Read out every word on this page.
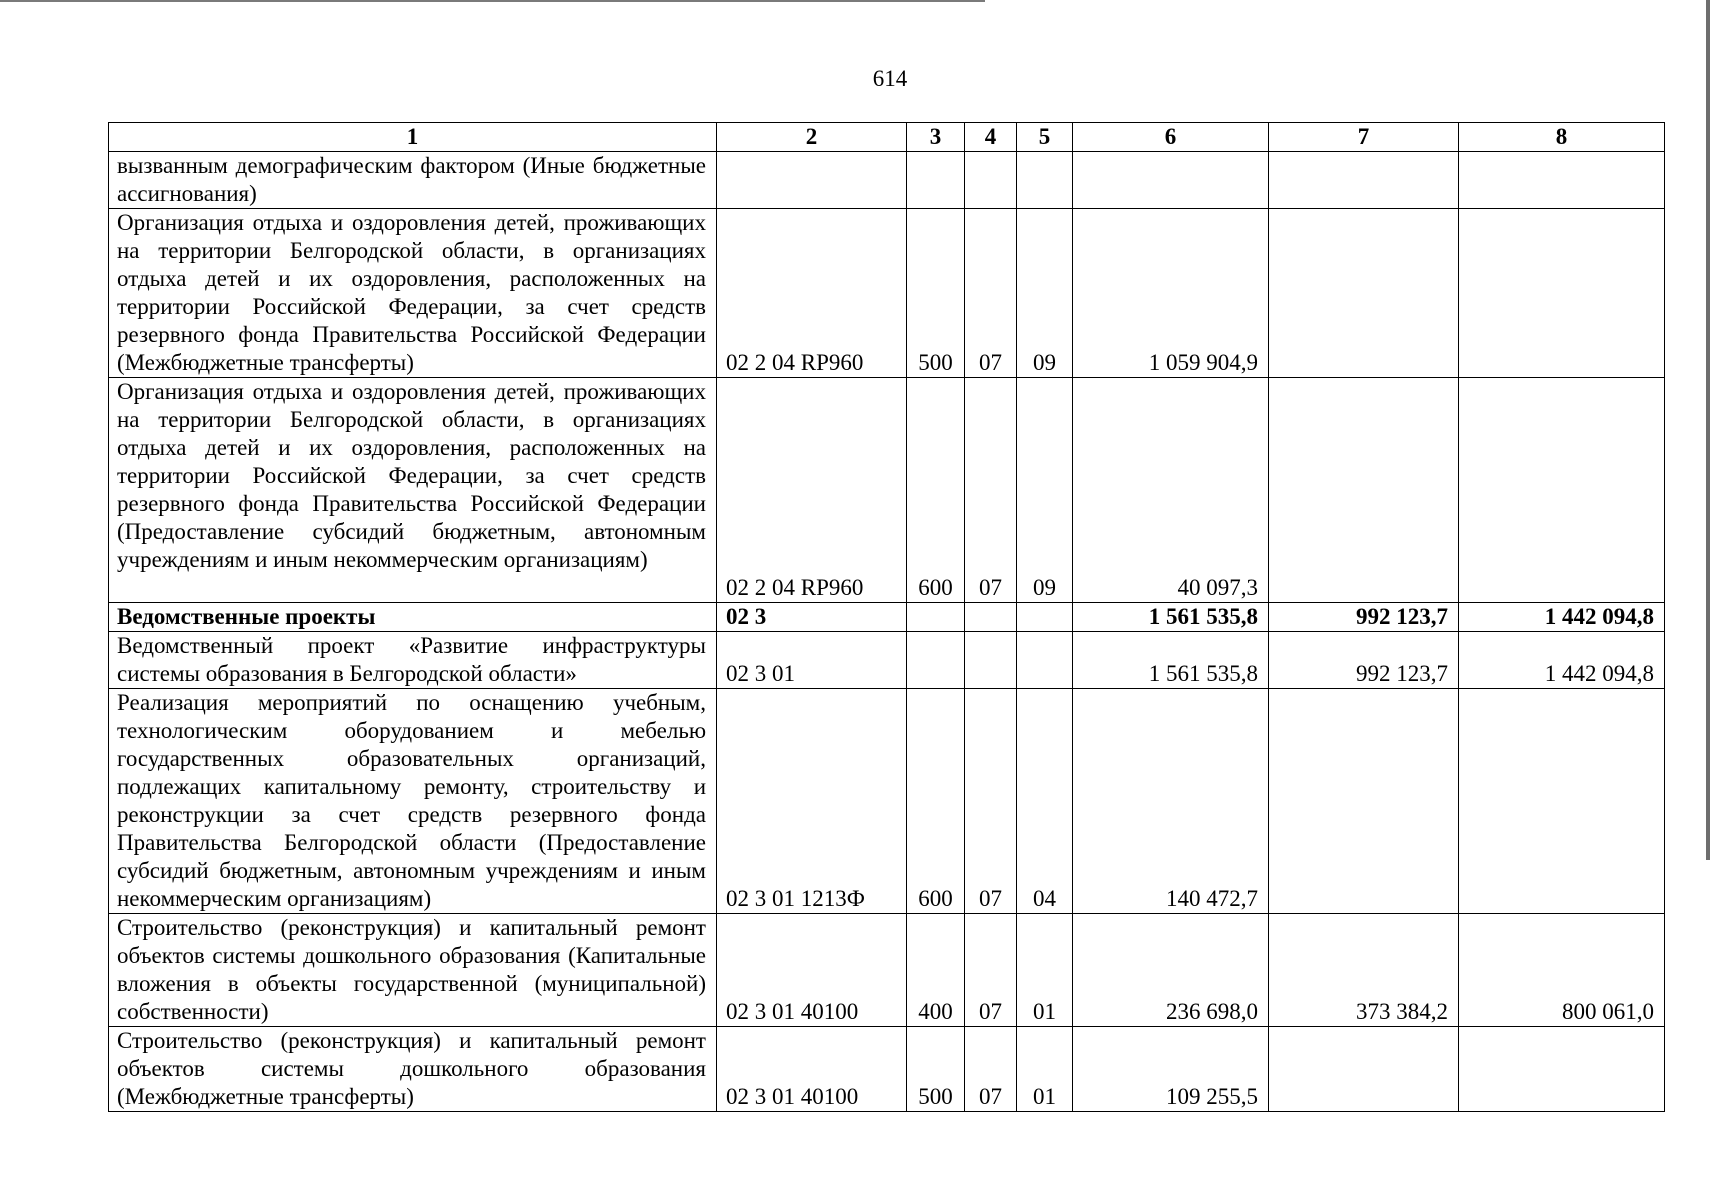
614
1	2	3	4	5	6	7	8
вызванным демографическим фактором (Иные бюджетные ассигнования)							
Организация отдыха и оздоровления детей, проживающих на территории Белгородской области, в организациях отдыха детей и их оздоровления, расположенных на территории Российской Федерации, за счет средств резервного фонда Правительства Российской Федерации (Межбюджетные трансферты)	02 2 04 RP960	500	07	09	1 059 904,9		
Организация отдыха и оздоровления детей, проживающих на территории Белгородской области, в организациях отдыха детей и их оздоровления, расположенных на территории Российской Федерации, за счет средств резервного фонда Правительства Российской Федерации (Предоставление субсидий бюджетным, автономным учреждениям и иным некоммерческим организациям)	02 2 04 RP960	600	07	09	40 097,3		
Ведомственные проекты	02 3				1 561 535,8	992 123,7	1 442 094,8
Ведомственный проект «Развитие инфраструктуры системы образования в Белгородской области»	02 3 01				1 561 535,8	992 123,7	1 442 094,8
Реализация мероприятий по оснащению учебным, технологическим оборудованием и мебелью государственных образовательных организаций, подлежащих капитальному ремонту, строительству и реконструкции за счет средств резервного фонда Правительства Белгородской области (Предоставление субсидий бюджетным, автономным учреждениям и иным некоммерческим организациям)	02 3 01 1213Ф	600	07	04	140 472,7		
Строительство (реконструкция) и капитальный ремонт объектов системы дошкольного образования (Капитальные вложения в объекты государственной (муниципальной) собственности)	02 3 01 40100	400	07	01	236 698,0	373 384,2	800 061,0
Строительство (реконструкция) и капитальный ремонт объектов системы дошкольного образования (Межбюджетные трансферты)	02 3 01 40100	500	07	01	109 255,5		
